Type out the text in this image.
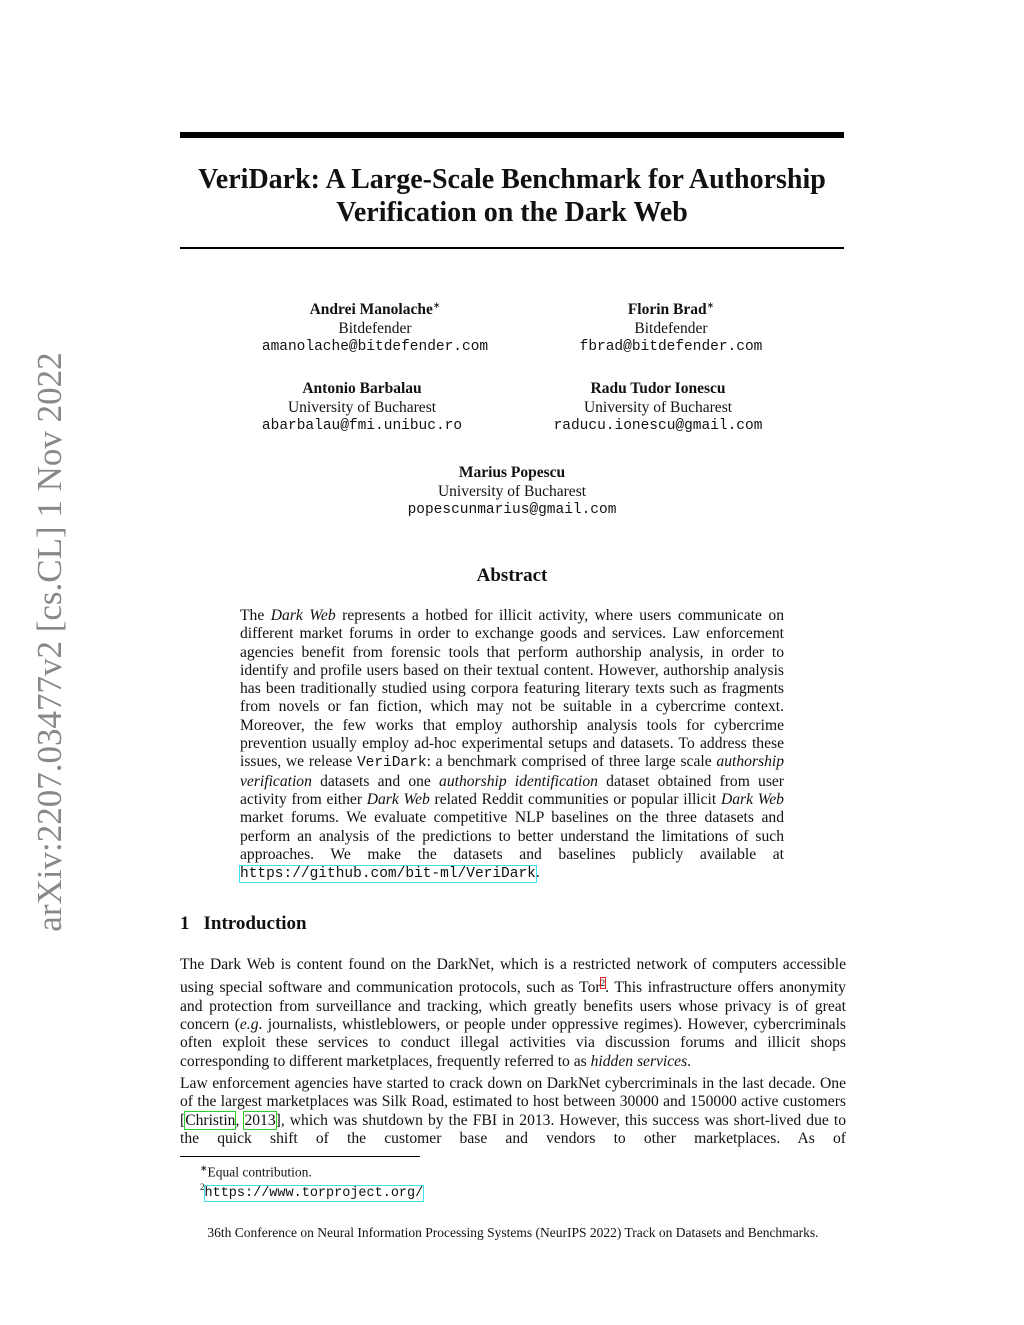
arXiv:2207.03477v2 [cs.CL] 1 Nov 2022
VeriDark: A Large-Scale Benchmark for Authorship
Verification on the Dark Web
Andrei Manolache∗
Bitdefender
amanolache@bitdefender.com
Florin Brad∗
Bitdefender
fbrad@bitdefender.com
Antonio Barbalau
University of Bucharest
abarbalau@fmi.unibuc.ro
Radu Tudor Ionescu
University of Bucharest
raducu.ionescu@gmail.com
Marius Popescu
University of Bucharest
popescunmarius@gmail.com
Abstract
The Dark Web represents a hotbed for illicit activity, where users communicate on different market forums in order to exchange goods and services. Law enforcement agencies benefit from forensic tools that perform authorship analysis, in order to identify and profile users based on their textual content. However, authorship analysis has been traditionally studied using corpora featuring literary texts such as fragments from novels or fan fiction, which may not be suitable in a cybercrime context. Moreover, the few works that employ authorship analysis tools for cybercrime prevention usually employ ad-hoc experimental setups and datasets. To address these issues, we release VeriDark: a benchmark comprised of three large scale authorship verification datasets and one authorship identification dataset obtained from user activity from either Dark Web related Reddit communities or popular illicit Dark Web market forums. We evaluate competitive NLP baselines on the three datasets and perform an analysis of the predictions to better understand the limitations of such approaches. We make the datasets and baselines publicly available at https://github.com/bit-ml/VeriDark.
1 Introduction
The Dark Web is content found on the DarkNet, which is a restricted network of computers accessible using special software and communication protocols, such as Tor$^2$. This infrastructure offers anonymity and protection from surveillance and tracking, which greatly benefits users whose privacy is of great concern (e.g. journalists, whistleblowers, or people under oppressive regimes). However, cybercriminals often exploit these services to conduct illegal activities via discussion forums and illicit shops corresponding to different marketplaces, frequently referred to as hidden services.
Law enforcement agencies have started to crack down on DarkNet cybercriminals in the last decade. One of the largest marketplaces was Silk Road, estimated to host between 30000 and 150000 active customers [Christin, 2013], which was shutdown by the FBI in 2013. However, this success was short-lived due to the quick shift of the customer base and vendors to other marketplaces. As of
∗Equal contribution.
$^2$https://www.torproject.org/
36th Conference on Neural Information Processing Systems (NeurIPS 2022) Track on Datasets and Benchmarks.
